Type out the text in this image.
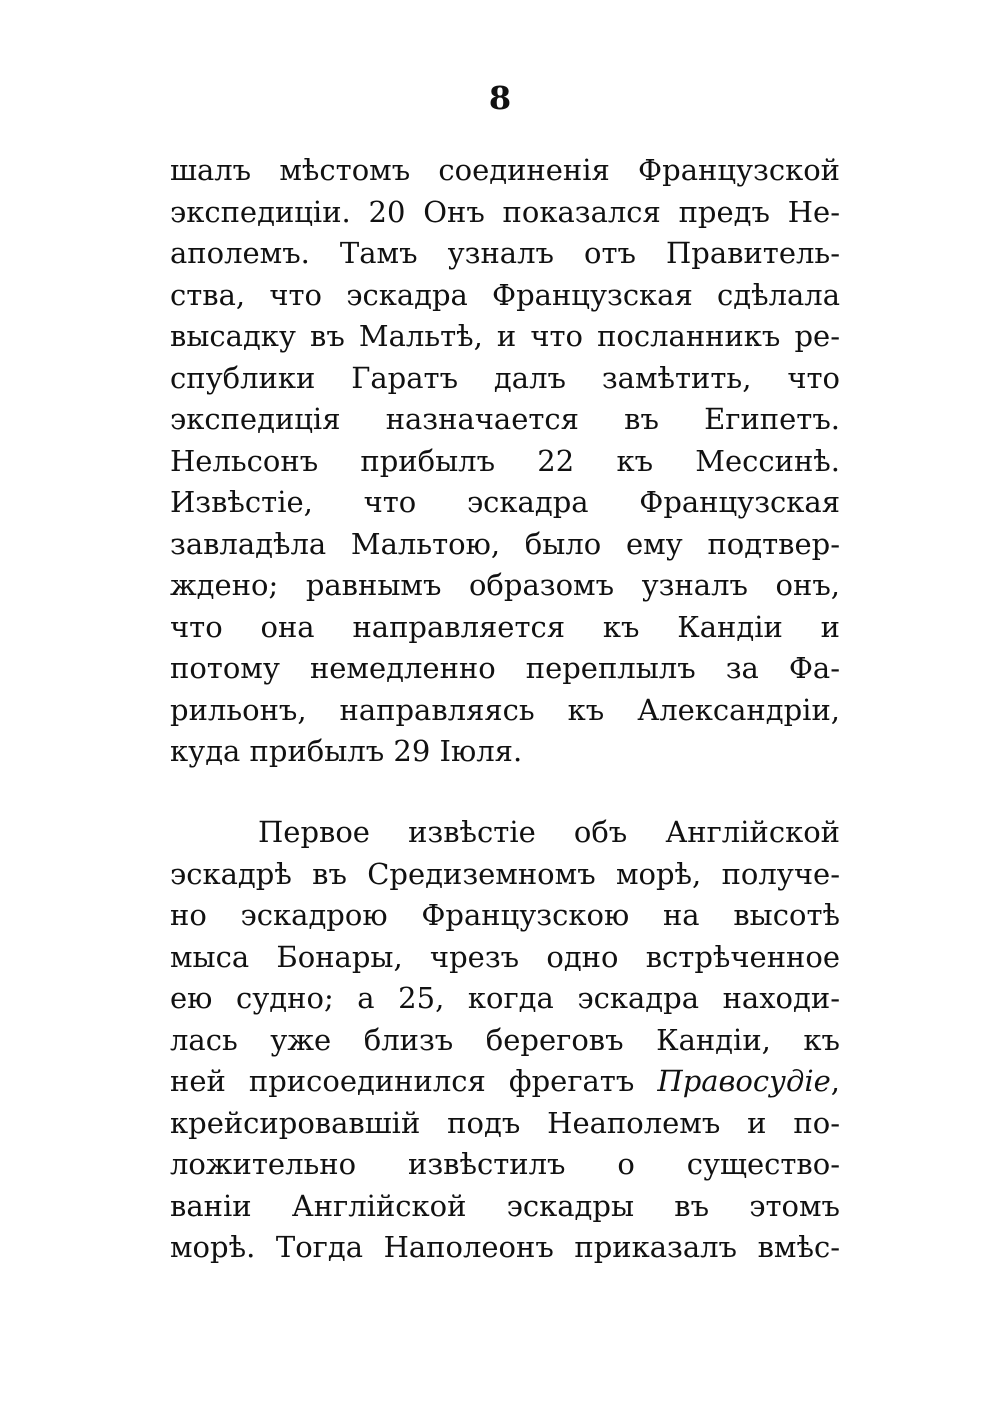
8
шалъ мѣстомъ соединенія Французской
экспедиціи. 20 Онъ показался предъ Не-
аполемъ. Тамъ узналъ отъ Правитель-
ства, что эскадра Французская сдѣлала
высадку въ Мальтѣ, и что посланникъ ре-
спублики Гаратъ далъ замѣтить, что
экспедиція назначается въ Египетъ.
Нельсонъ прибылъ 22 къ Мессинѣ.
Извѣстіе, что эскадра Французская
завладѣла Мальтою, было ему подтвер-
ждено; равнымъ образомъ узналъ онъ,
что она направляется къ Кандіи и
потому немедленно переплылъ за Фа-
рильонъ, направляясь къ Александріи,
куда прибылъ 29 Іюля.
Первое извѣстіе объ Англійской
эскадрѣ въ Средиземномъ морѣ, получе-
но эскадрою Французскою на высотѣ
мыса Бонары, чрезъ одно встрѣченное
ею судно; а 25, когда эскадра находи-
лась уже близъ береговъ Кандіи, къ
ней присоединился фрегатъ Правосудіе,
крейсировавшій подъ Неаполемъ и по-
ложительно извѣстилъ о существо-
ваніи Англійской эскадры въ этомъ
морѣ. Тогда Наполеонъ приказалъ вмѣс-
